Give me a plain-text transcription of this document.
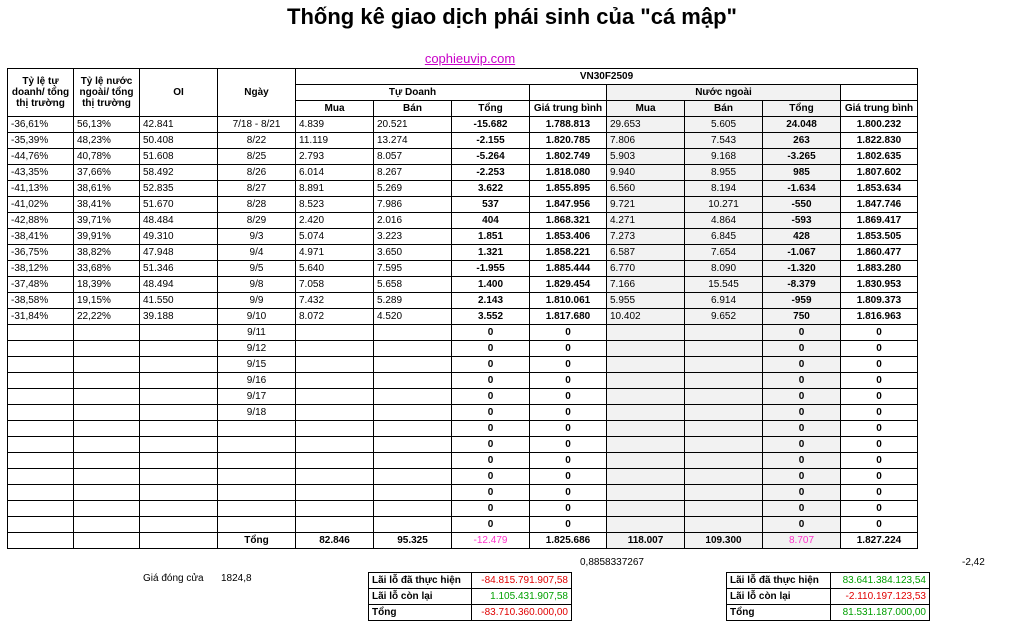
Thống kê giao dịch phái sinh của "cá mập"
cophieuvip.com
Tỷ lệ tự doanh/ tổng thị trường	Tỷ lệ nước ngoài/ tổng thị trường	OI	Ngày	VN30F2509							
				Tự Doanh				Nước ngoài			
				Mua	Bán	Tổng	Giá trung bình	Mua	Bán	Tổng	Giá trung bình
-36,61%	56,13%	42.841	7/18 - 8/21	4.839	20.521	-15.682	1.788.813	29.653	5.605	24.048	1.800.232
-35,39%	48,23%	50.408	8/22	11.119	13.274	-2.155	1.820.785	7.806	7.543	263	1.822.830
-44,76%	40,78%	51.608	8/25	2.793	8.057	-5.264	1.802.749	5.903	9.168	-3.265	1.802.635
-43,35%	37,66%	58.492	8/26	6.014	8.267	-2.253	1.818.080	9.940	8.955	985	1.807.602
-41,13%	38,61%	52.835	8/27	8.891	5.269	3.622	1.855.895	6.560	8.194	-1.634	1.853.634
-41,02%	38,41%	51.670	8/28	8.523	7.986	537	1.847.956	9.721	10.271	-550	1.847.746
-42,88%	39,71%	48.484	8/29	2.420	2.016	404	1.868.321	4.271	4.864	-593	1.869.417
-38,41%	39,91%	49.310	9/3	5.074	3.223	1.851	1.853.406	7.273	6.845	428	1.853.505
-36,75%	38,82%	47.948	9/4	4.971	3.650	1.321	1.858.221	6.587	7.654	-1.067	1.860.477
-38,12%	33,68%	51.346	9/5	5.640	7.595	-1.955	1.885.444	6.770	8.090	-1.320	1.883.280
-37,48%	18,39%	48.494	9/8	7.058	5.658	1.400	1.829.454	7.166	15.545	-8.379	1.830.953
-38,58%	19,15%	41.550	9/9	7.432	5.289	2.143	1.810.061	5.955	6.914	-959	1.809.373
-31,84%	22,22%	39.188	9/10	8.072	4.520	3.552	1.817.680	10.402	9.652	750	1.816.963
			9/11			0	0			0	0
			9/12			0	0			0	0
			9/15			0	0			0	0
			9/16			0	0			0	0
			9/17			0	0			0	0
			9/18			0	0			0	0
						0	0			0	0
						0	0			0	0
						0	0			0	0
						0	0			0	0
						0	0			0	0
						0	0			0	0
						0	0			0	0
			Tổng	82.846	95.325	-12.479	1.825.686	118.007	109.300	8.707	1.827.224
0,8858337267	-2,42
Giá đóng cửa 1824,8	Lãi lỗ đã thực hiện	-84.815.791.907,58
Lãi lỗ còn lại	1.105.431.907,58
Tổng	-83.710.360.000,00
Lãi lỗ đã thực hiện	83.641.384.123,54
Lãi lỗ còn lại	-2.110.197.123,53
Tổng	81.531.187.000,00
